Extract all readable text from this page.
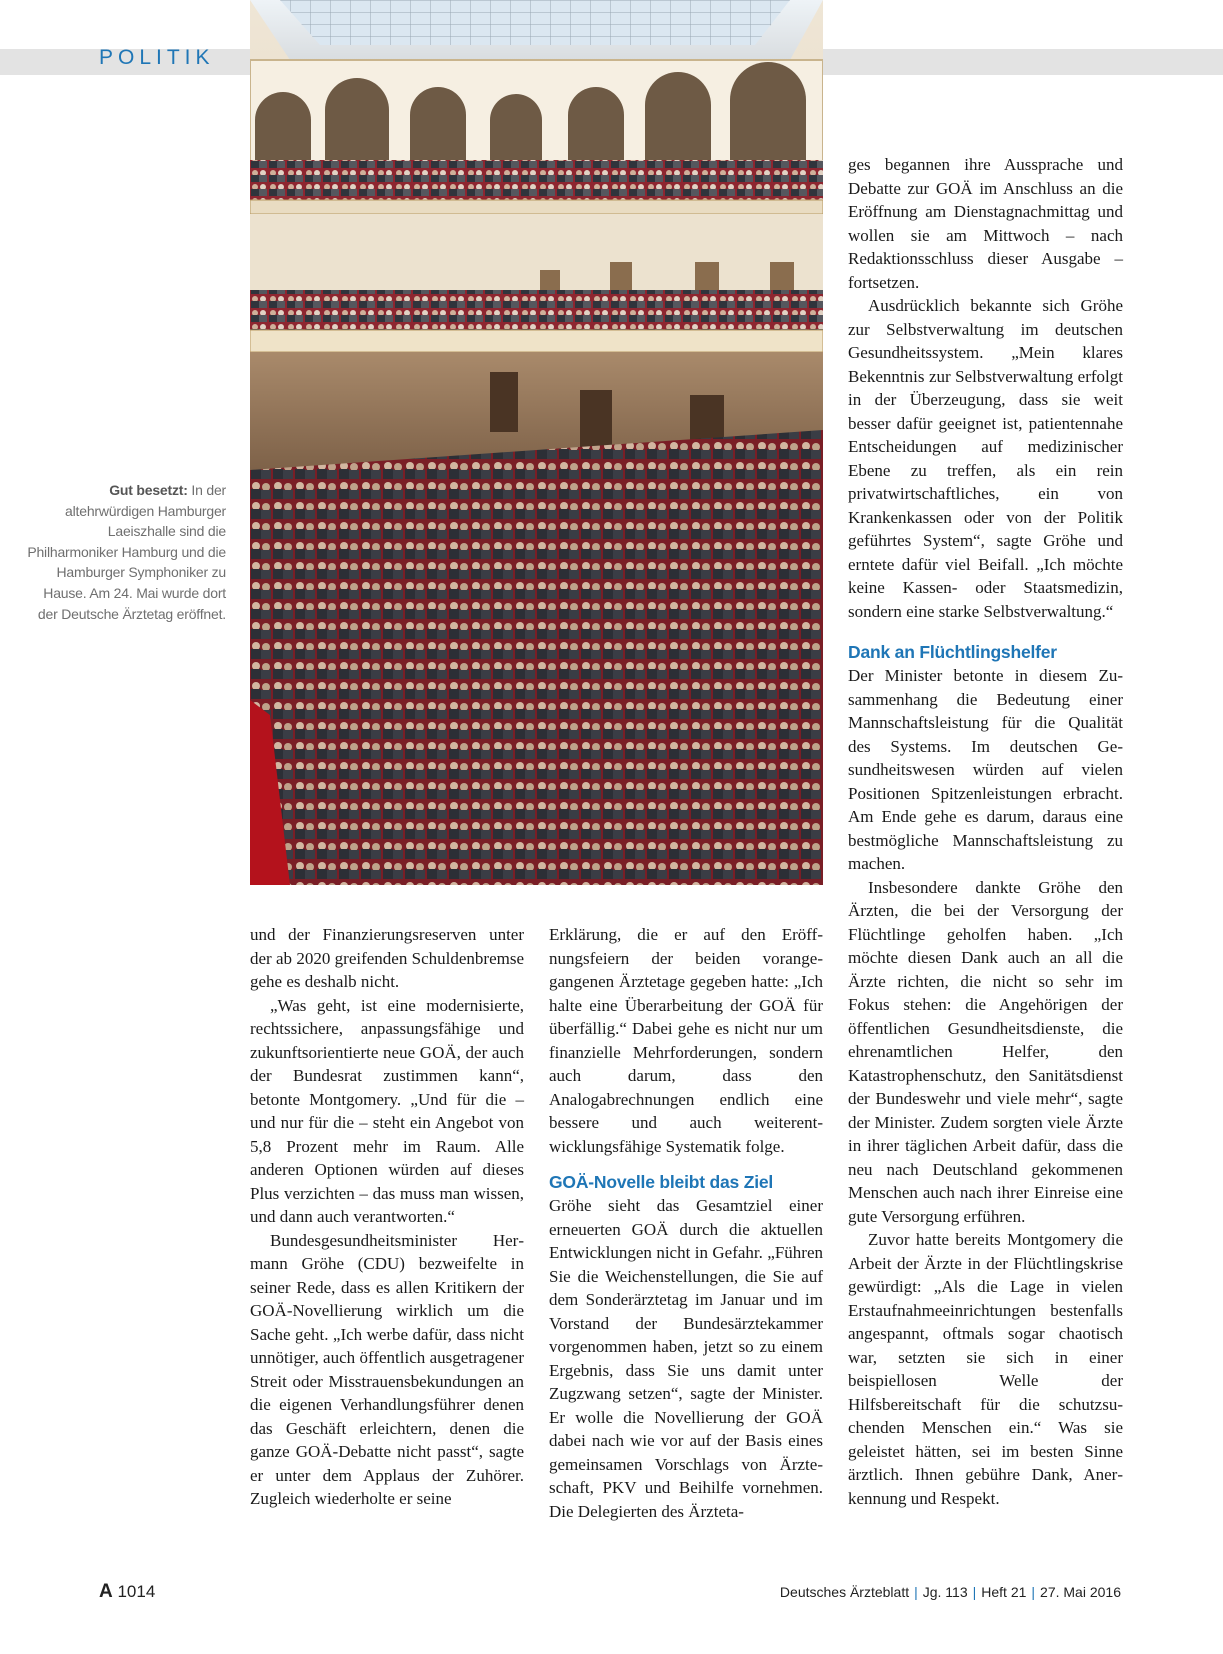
POLITIK
Gut besetzt: In der altehrwürdigen Hamburger Laeiszhalle sind die Philharmoniker Hamburg und die Hamburger Symphoniker zu Hause. Am 24. Mai wurde dort der Deutsche Ärztetag eröffnet.

und der Finanzierungsreserven unter der ab 2020 greifenden Schuldenbremse gehe es deshalb nicht.

„Was geht, ist eine modernisierte, rechtssichere, anpassungsfähige und zukunftsorientierte neue GOÄ, der auch der Bundesrat zustimmen kann“, betonte Montgomery. „Und für die – und nur für die – steht ein Angebot von 5,8 Prozent mehr im Raum. Alle anderen Optionen würden auf dieses Plus verzichten – das muss man wissen, und dann auch verantworten.“

Bundesgesundheitsminister Hermann Gröhe (CDU) bezweifelte in seiner Rede, dass es allen Kritikern der GOÄ-Novellierung wirklich um die Sache geht. „Ich werbe dafür, dass nicht unnötiger, auch öffentlich ausgetragener Streit oder Misstrauensbekundungen an die eigenen Verhandlungsführer denen das Geschäft erleichtern, denen die ganze GOÄ-Debatte nicht passt“, sagte er unter dem Applaus der Zuhörer. Zugleich wiederholte er seine

Erklärung, die er auf den Eröffnungsfeiern der beiden vorangegangenen Ärztetage gegeben hatte: „Ich halte eine Überarbeitung der GOÄ für überfällig.“ Dabei gehe es nicht nur um finanzielle Mehrforderungen, sondern auch darum, dass den Analogabrechnungen endlich eine bessere und auch weiterentwicklungsfähige Systematik folge.

GOÄ-Novelle bleibt das Ziel

Gröhe sieht das Gesamtziel einer erneuerten GOÄ durch die aktuellen Entwicklungen nicht in Gefahr. „Führen Sie die Weichenstellungen, die Sie auf dem Sonderärztetag im Januar und im Vorstand der Bundesärztekammer vorgenommen haben, jetzt so zu einem Ergebnis, dass Sie uns damit unter Zugzwang setzen“, sagte der Minister. Er wolle die Novellierung der GOÄ dabei nach wie vor auf der Basis eines gemeinsamen Vorschlags von Ärzteschaft, PKV und Beihilfe vornehmen. Die Delegierten des Ärzteta-

ges begannen ihre Aussprache und Debatte zur GOÄ im Anschluss an die Eröffnung am Dienstagnachmittag und wollen sie am Mittwoch – nach Redaktionsschluss dieser Ausgabe – fortsetzen.

Ausdrücklich bekannte sich Gröhe zur Selbstverwaltung im deutschen Gesundheitssystem. „Mein klares Bekenntnis zur Selbstverwaltung erfolgt in der Überzeugung, dass sie weit besser dafür geeignet ist, patientennahe Entscheidungen auf medizinischer Ebene zu treffen, als ein rein privatwirtschaftliches, ein von Krankenkassen oder von der Politik geführtes System“, sagte Gröhe und erntete dafür viel Beifall. „Ich möchte keine Kassen- oder Staatsmedizin, sondern eine starke Selbstverwaltung.“

Dank an Flüchtlingshelfer

Der Minister betonte in diesem Zusammenhang die Bedeutung einer Mannschaftsleistung für die Qualität des Systems. Im deutschen Gesundheitswesen würden auf vielen Positionen Spitzenleistungen erbracht. Am Ende gehe es darum, daraus eine bestmögliche Mannschaftsleistung zu machen.

Insbesondere dankte Gröhe den Ärzten, die bei der Versorgung der Flüchtlinge geholfen haben. „Ich möchte diesen Dank auch an all die Ärzte richten, die nicht so sehr im Fokus stehen: die Angehörigen der öffentlichen Gesundheitsdienste, die ehrenamtlichen Helfer, den Katastrophenschutz, den Sanitätsdienst der Bundeswehr und viele mehr“, sagte der Minister. Zudem sorgten viele Ärzte in ihrer täglichen Arbeit dafür, dass die neu nach Deutschland gekommenen Menschen auch nach ihrer Einreise eine gute Versorgung erführen.

Zuvor hatte bereits Montgomery die Arbeit der Ärzte in der Flüchtlingskrise gewürdigt: „Als die Lage in vielen Erstaufnahmeeinrichtungen bestenfalls angespannt, oftmals sogar chaotisch war, setzten sie sich in einer beispiellosen Welle der Hilfsbereitschaft für die schutzsuchenden Menschen ein.“ Was sie geleistet hätten, sei im besten Sinne ärztlich. Ihnen gebühre Dank, Anerkennung und Respekt.

A 1014	Deutsches Ärzteblatt | Jg. 113 | Heft 21 | 27. Mai 2016
